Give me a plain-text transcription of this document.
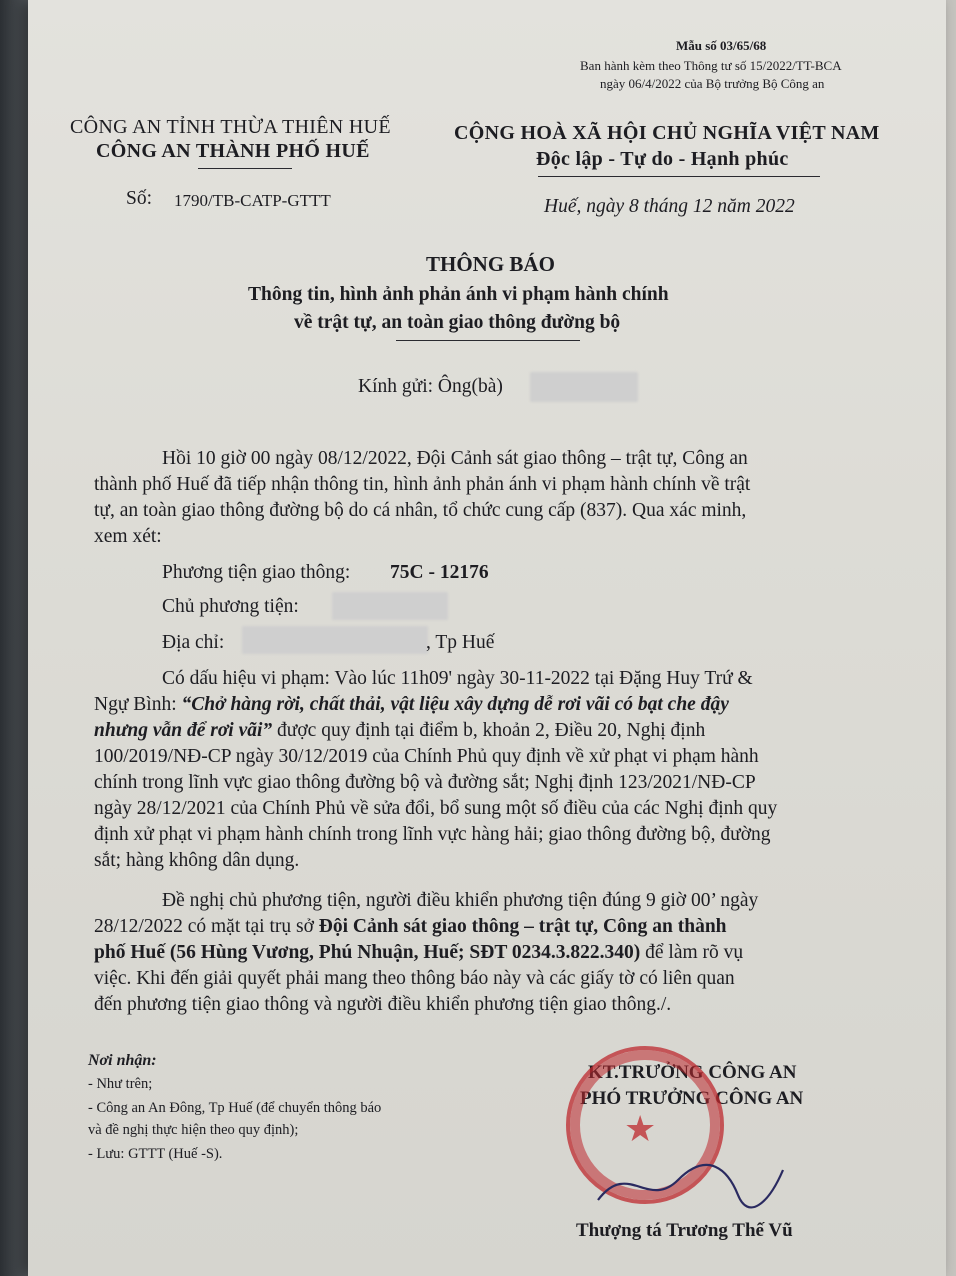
Mẫu số 03/65/68
Ban hành kèm theo Thông tư số 15/2022/TT-BCA
ngày 06/4/2022 của Bộ trưởng Bộ Công an
CÔNG AN TỈNH THỪA THIÊN HUẾ
CÔNG AN THÀNH PHỐ HUẾ
Số: 1790/TB-CATP-GTTT
CỘNG HOÀ XÃ HỘI CHỦ NGHĨA VIỆT NAM
Độc lập - Tự do - Hạnh phúc
Huế, ngày 8 tháng 12 năm 2022
THÔNG BÁO
Thông tin, hình ảnh phản ánh vi phạm hành chính
về trật tự, an toàn giao thông đường bộ
Kính gửi: Ông(bà)
Hồi 10 giờ 00 ngày 08/12/2022, Đội Cảnh sát giao thông – trật tự, Công an
thành phố Huế đã tiếp nhận thông tin, hình ảnh phản ánh vi phạm hành chính về trật
tự, an toàn giao thông đường bộ do cá nhân, tổ chức cung cấp (837). Qua xác minh,
xem xét:
Phương tiện giao thông: 75C - 12176
Chủ phương tiện:
Địa chỉ:	, Tp Huế
Có dấu hiệu vi phạm: Vào lúc 11h09' ngày 30-11-2022 tại Đặng Huy Trứ &
Ngự Bình: “Chở hàng rời, chất thải, vật liệu xây dựng dễ rơi vãi có bạt che đậy
nhưng vẫn để rơi vãi” được quy định tại điểm b, khoản 2, Điều 20, Nghị định
100/2019/NĐ-CP ngày 30/12/2019 của Chính Phủ quy định về xử phạt vi phạm hành
chính trong lĩnh vực giao thông đường bộ và đường sắt; Nghị định 123/2021/NĐ-CP
ngày 28/12/2021 của Chính Phủ về sửa đổi, bổ sung một số điều của các Nghị định quy
định xử phạt vi phạm hành chính trong lĩnh vực hàng hải; giao thông đường bộ, đường
sắt; hàng không dân dụng.
Đề nghị chủ phương tiện, người điều khiển phương tiện đúng 9 giờ 00’ ngày
28/12/2022 có mặt tại trụ sở Đội Cảnh sát giao thông – trật tự, Công an thành
phố Huế (56 Hùng Vương, Phú Nhuận, Huế; SĐT 0234.3.822.340) để làm rõ vụ
việc. Khi đến giải quyết phải mang theo thông báo này và các giấy tờ có liên quan
đến phương tiện giao thông và người điều khiển phương tiện giao thông./.
Nơi nhận:
- Như trên;
- Công an An Đông, Tp Huế (để chuyển thông báo
và đề nghị thực hiện theo quy định);
- Lưu: GTTT (Huế -S).
KT.TRƯỞNG CÔNG AN
PHÓ TRƯỞNG CÔNG AN
★
Thượng tá Trương Thế Vũ
